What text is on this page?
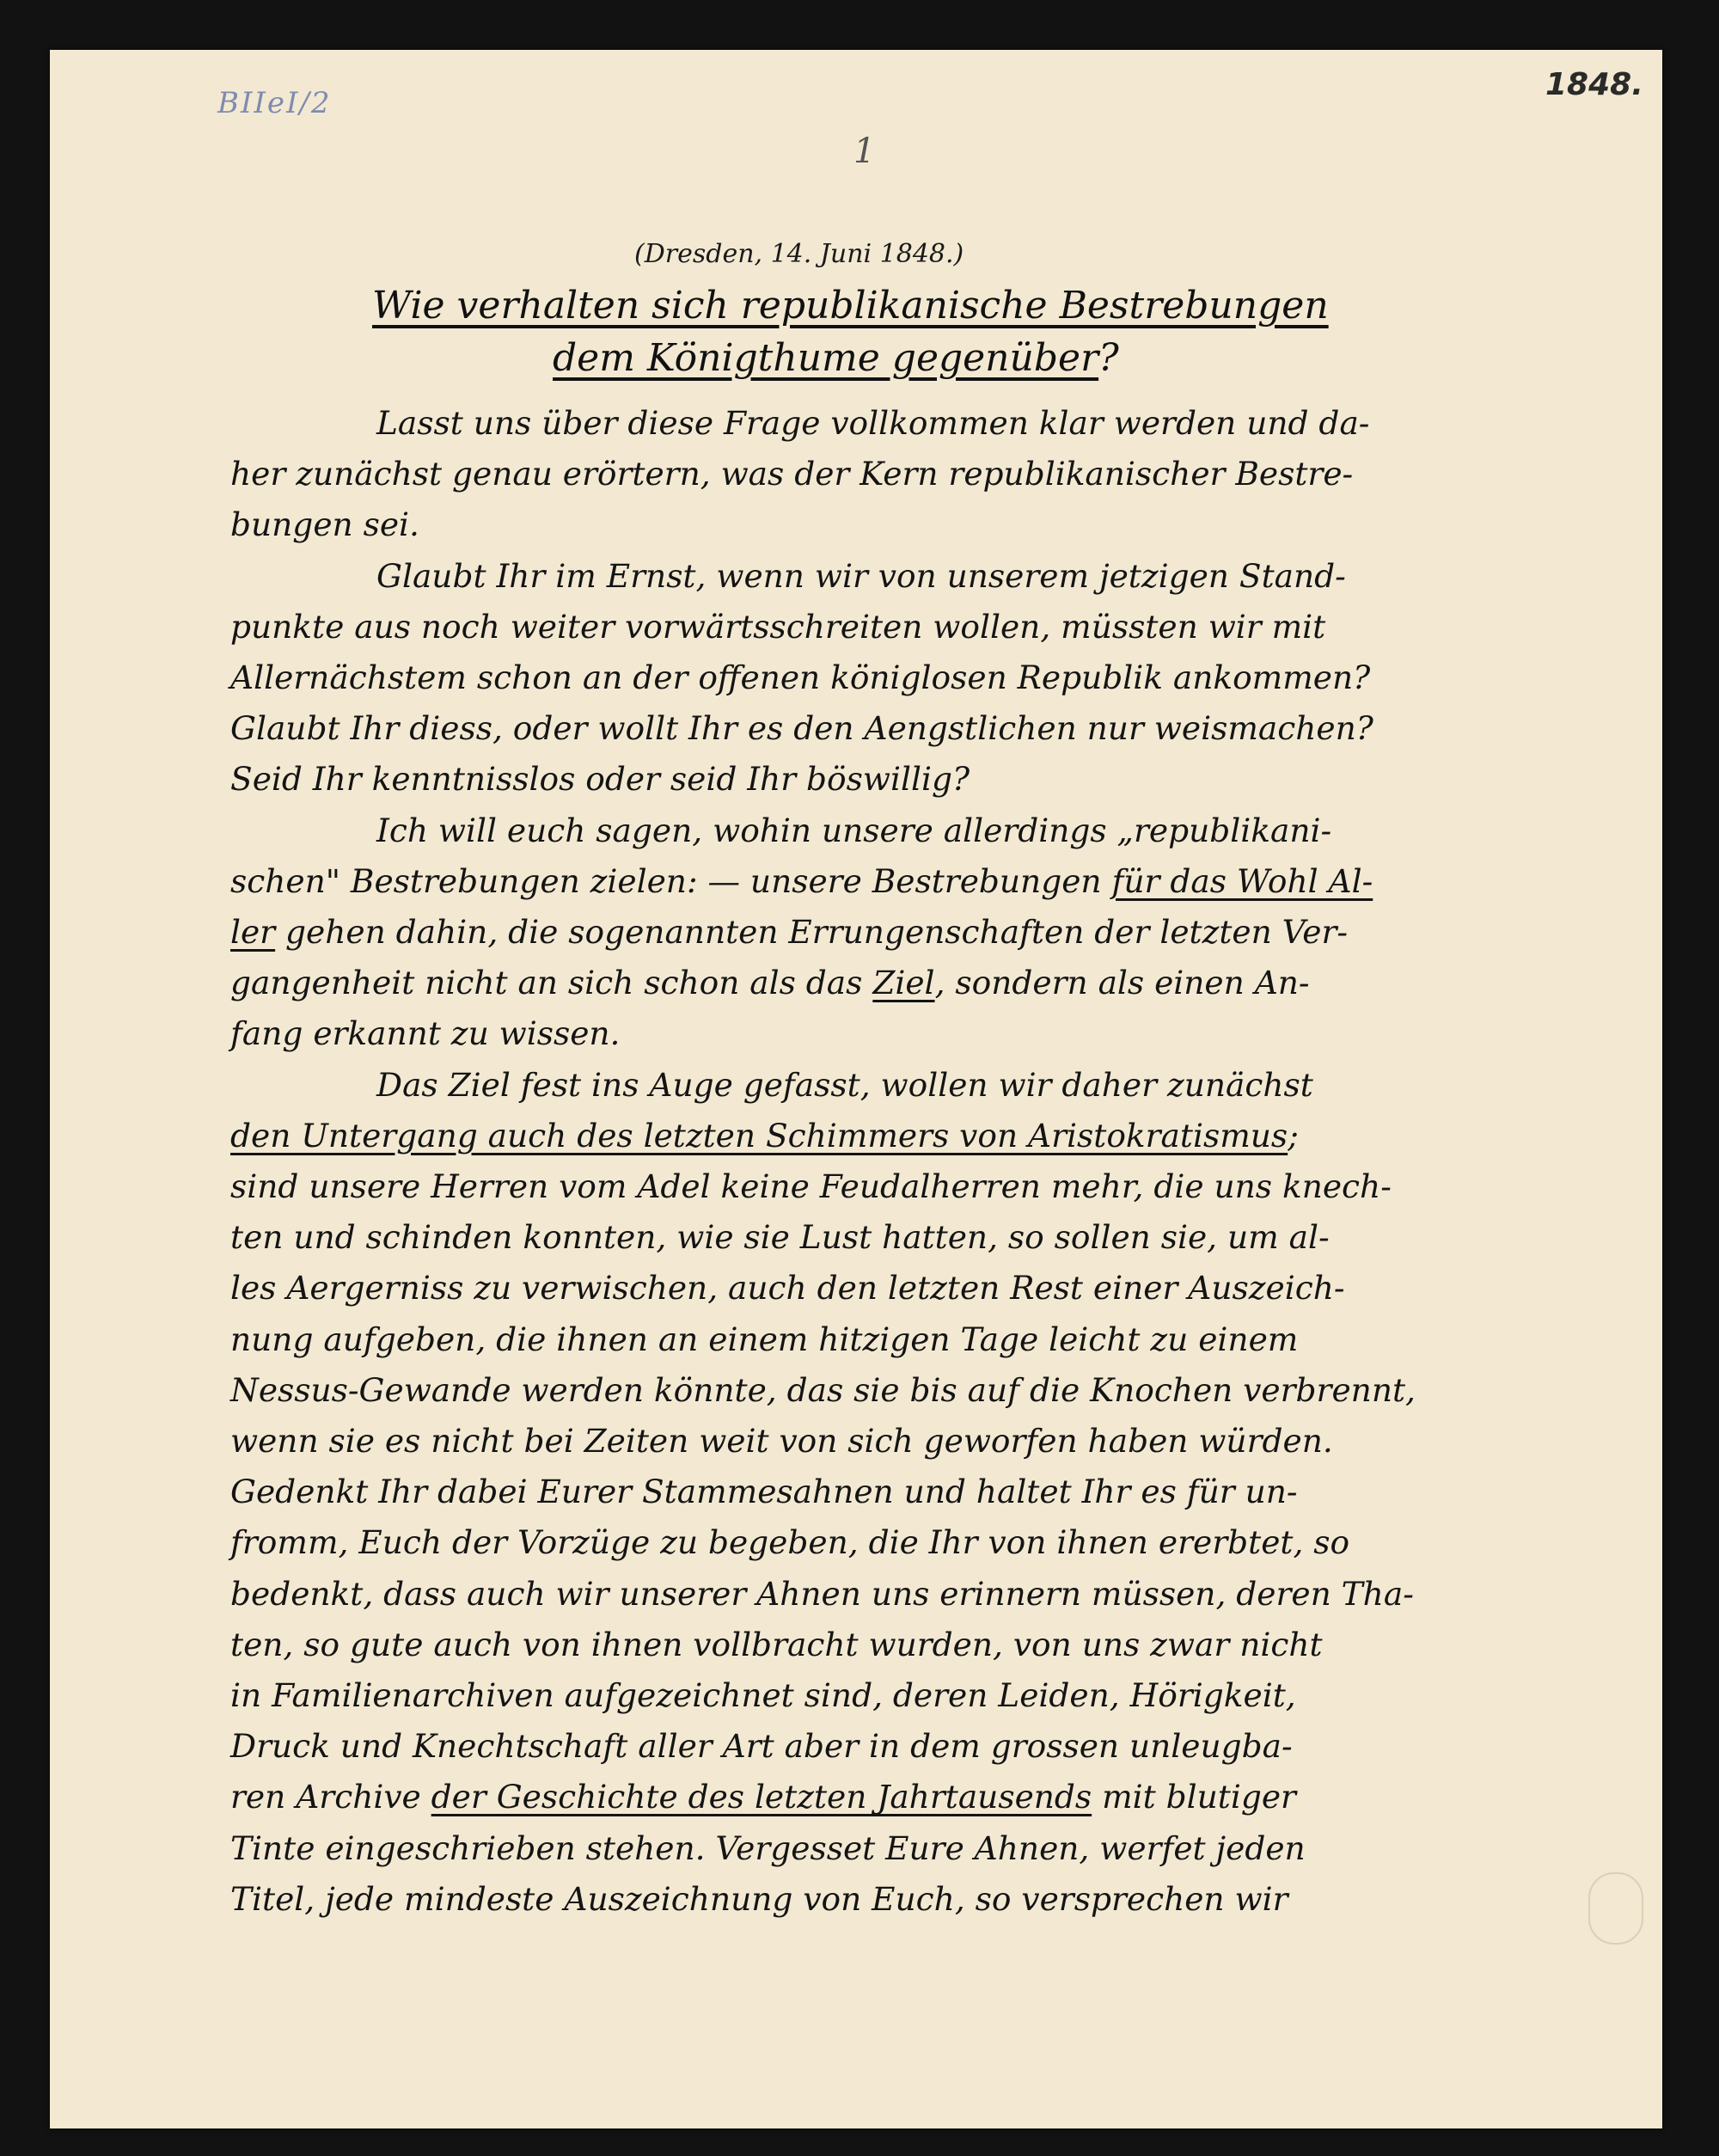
BIIeI/2
1848.
1
(Dresden, 14. Juni 1848.)
Wie verhalten sich republikanische Bestrebungen
dem Königthume gegenüber?
Lasst uns über diese Frage vollkommen klar werden und da-
her zunächst genau erörtern, was der Kern republikanischer Bestre-
bungen sei.
Glaubt Ihr im Ernst, wenn wir von unserem jetzigen Stand-
punkte aus noch weiter vorwärtsschreiten wollen, müssten wir mit
Allernächstem schon an der offenen königlosen Republik ankommen?
Glaubt Ihr diess, oder wollt Ihr es den Aengstlichen nur weismachen?
Seid Ihr kenntnisslos oder seid Ihr böswillig?
Ich will euch sagen, wohin unsere allerdings „republikani-
schen" Bestrebungen zielen: — unsere Bestrebungen für das Wohl Al-
ler gehen dahin, die sogenannten Errungenschaften der letzten Ver-
gangenheit nicht an sich schon als das Ziel, sondern als einen An-
fang erkannt zu wissen.
Das Ziel fest ins Auge gefasst, wollen wir daher zunächst
den Untergang auch des letzten Schimmers von Aristokratismus;
sind unsere Herren vom Adel keine Feudalherren mehr, die uns knech-
ten und schinden konnten, wie sie Lust hatten, so sollen sie, um al-
les Aergerniss zu verwischen, auch den letzten Rest einer Auszeich-
nung aufgeben, die ihnen an einem hitzigen Tage leicht zu einem
Nessus-Gewande werden könnte, das sie bis auf die Knochen verbrennt,
wenn sie es nicht bei Zeiten weit von sich geworfen haben würden.
Gedenkt Ihr dabei Eurer Stammesahnen und haltet Ihr es für un-
fromm, Euch der Vorzüge zu begeben, die Ihr von ihnen ererbtet, so
bedenkt, dass auch wir unserer Ahnen uns erinnern müssen, deren Tha-
ten, so gute auch von ihnen vollbracht wurden, von uns zwar nicht
in Familienarchiven aufgezeichnet sind, deren Leiden, Hörigkeit,
Druck und Knechtschaft aller Art aber in dem grossen unleugba-
ren Archive der Geschichte des letzten Jahrtausends mit blutiger
Tinte eingeschrieben stehen. Vergesset Eure Ahnen, werfet jeden
Titel, jede mindeste Auszeichnung von Euch, so versprechen wir
